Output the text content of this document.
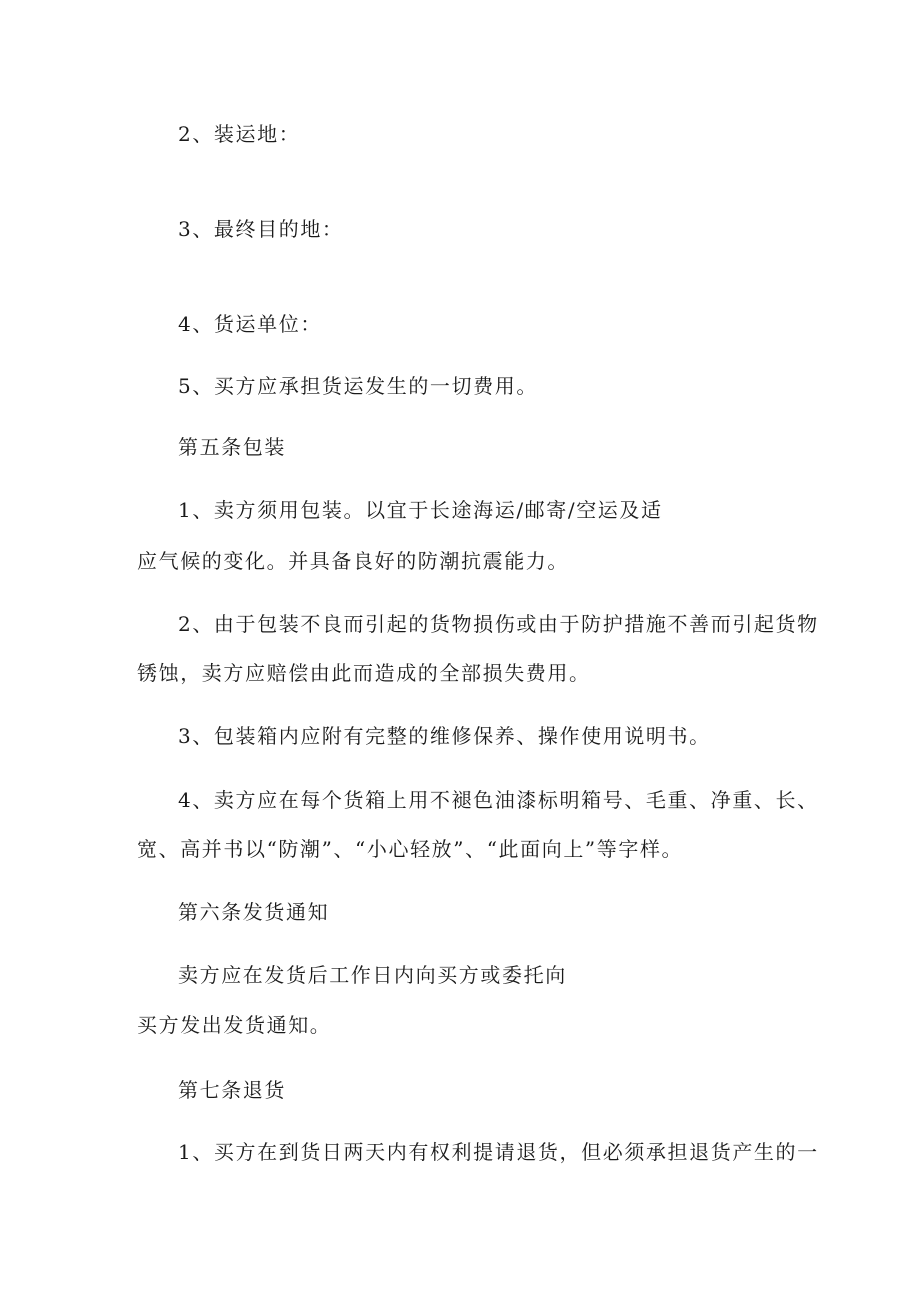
2、装运地：
3、最终目的地：
4、货运单位：
5、买方应承担货运发生的一切费用。
第五条包装
1、卖方须用包装。以宜于长途海运/邮寄/空运及适
应气候的变化。并具备良好的防潮抗震能力。
2、由于包装不良而引起的货物损伤或由于防护措施不善而引起货物
锈蚀，卖方应赔偿由此而造成的全部损失费用。
3、包装箱内应附有完整的维修保养、操作使用说明书。
4、卖方应在每个货箱上用不褪色油漆标明箱号、毛重、净重、长、
宽、高并书以“防潮”、“小心轻放”、“此面向上”等字样。
第六条发货通知
卖方应在发货后工作日内向买方或委托向
买方发出发货通知。
第七条退货
1、买方在到货日两天内有权利提请退货，但必须承担退货产生的一
